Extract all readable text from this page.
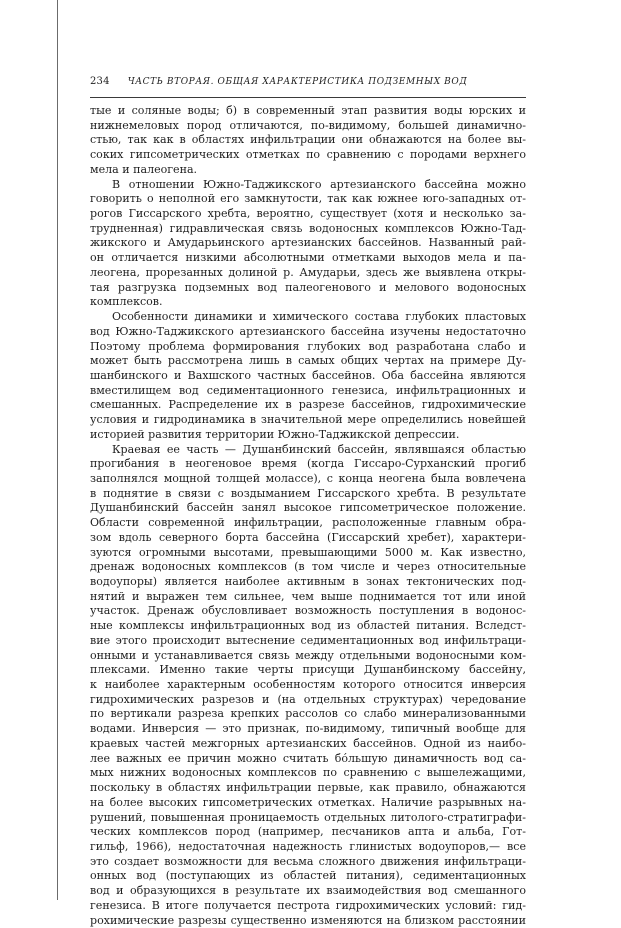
234 ЧАСТЬ ВТОРАЯ. ОБЩАЯ ХАРАКТЕРИСТИКА ПОДЗЕМНЫХ ВОД

тые и соляные воды; б) в современный этап развития воды юрских и
нижнемеловых пород отличаются, по-видимому, большей динамично-
стью, так как в областях инфильтрации они обнажаются на более вы-
соких гипсометрических отметках по сравнению с породами верхнего
мела и палеогена.

В отношении Южно-Таджикского артезианского бассейна можно
говорить о неполной его замкнутости, так как южнее юго-западных от-
рогов Гиссарского хребта, вероятно, существует (хотя и несколько за-
трудненная) гидравлическая связь водоносных комплексов Южно-Тад-
жикского и Амударьинского артезианских бассейнов. Названный рай-
он отличается низкими абсолютными отметками выходов мела и па-
леогена, прорезанных долиной р. Амударьи, здесь же выявлена откры-
тая разгрузка подземных вод палеогенового и мелового водоносных
комплексов.

Особенности динамики и химического состава глубоких пластовых
вод Южно-Таджикского артезианского бассейна изучены недостаточно
Поэтому проблема формирования глубоких вод разработана слабо и
может быть рассмотрена лишь в самых общих чертах на примере Ду-
шанбинского и Вахшского частных бассейнов. Оба бассейна являются
вместилищем вод седиментационного генезиса, инфильтрационных и
смешанных. Распределение их в разрезе бассейнов, гидрохимические
условия и гидродинамика в значительной мере определились новейшей
историей развития территории Южно-Таджикской депрессии.

Краевая ее часть — Душанбинский бассейн, являвшаяся областью
прогибания в неогеновое время (когда Гиссаро-Сурханский прогиб
заполнялся мощной толщей молассе), с конца неогена была вовлечена
в поднятие в связи с воздыманием Гиссарского хребта. В результате
Душанбинский бассейн занял высокое гипсометрическое положение.
Области современной инфильтрации, расположенные главным обра-
зом вдоль северного борта бассейна (Гиссарский хребет), характери-
зуются огромными высотами, превышающими 5000 м. Как известно,
дренаж водоносных комплексов (в том числе и через относительные
водоупоры) является наиболее активным в зонах тектонических под-
нятий и выражен тем сильнее, чем выше поднимается тот или иной
участок. Дренаж обусловливает возможность поступления в водонос-
ные комплексы инфильтрационных вод из областей питания. Вследст-
вие этого происходит вытеснение седиментационных вод инфильтраци-
онными и устанавливается связь между отдельными водоносными ком-
плексами. Именно такие черты присущи Душанбинскому бассейну,
к наиболее характерным особенностям которого относится инверсия
гидрохимических разрезов и (на отдельных структурах) чередование
по вертикали разреза крепких рассолов со слабо минерализованными
водами. Инверсия — это признак, по-видимому, типичный вообще для
краевых частей межгорных артезианских бассейнов. Одной из наибо-
лее важных ее причин можно считать бо́льшую динамичность вод са-
мых нижних водоносных комплексов по сравнению с вышележащими,
поскольку в областях инфильтрации первые, как правило, обнажаются
на более высоких гипсометрических отметках. Наличие разрывных на-
рушений, повышенная проницаемость отдельных литолого-стратиграфи-
ческих комплексов пород (например, песчаников апта и альба, Гот-
гильф, 1966), недостаточная надежность глинистых водоупоров,— все
это создает возможности для весьма сложного движения инфильтраци-
онных вод (поступающих из областей питания), седиментационных
вод и образующихся в результате их взаимодействия вод смешанного
генезиса. В итоге получается пестрота гидрохимических условий: гид-
рохимические разрезы существенно изменяются на близком расстоянии
